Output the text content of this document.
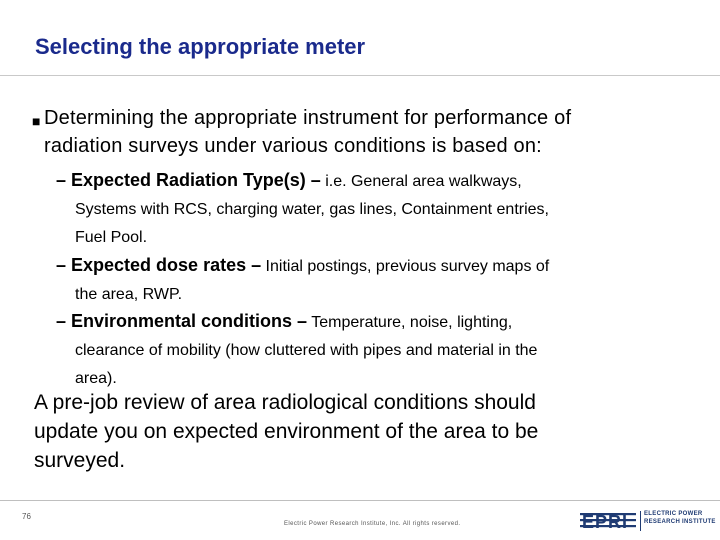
Selecting the appropriate meter
■ Determining the appropriate instrument for performance of
radiation surveys under various conditions is based on:
– Expected Radiation Type(s) – i.e. General area walkways,
Systems with RCS, charging water, gas lines, Containment entries,
Fuel Pool.
– Expected dose rates – Initial postings, previous survey maps of
the area, RWP.
– Environmental conditions – Temperature, noise, lighting,
clearance of mobility (how cluttered with pipes and material in the
area).
A pre-job review of area radiological conditions should
update you on expected environment of the area to be
surveyed.
76
Electric Power Research Institute, Inc. All rights reserved.	EPRI	ELECTRIC POWER
RESEARCH INSTITUTE
